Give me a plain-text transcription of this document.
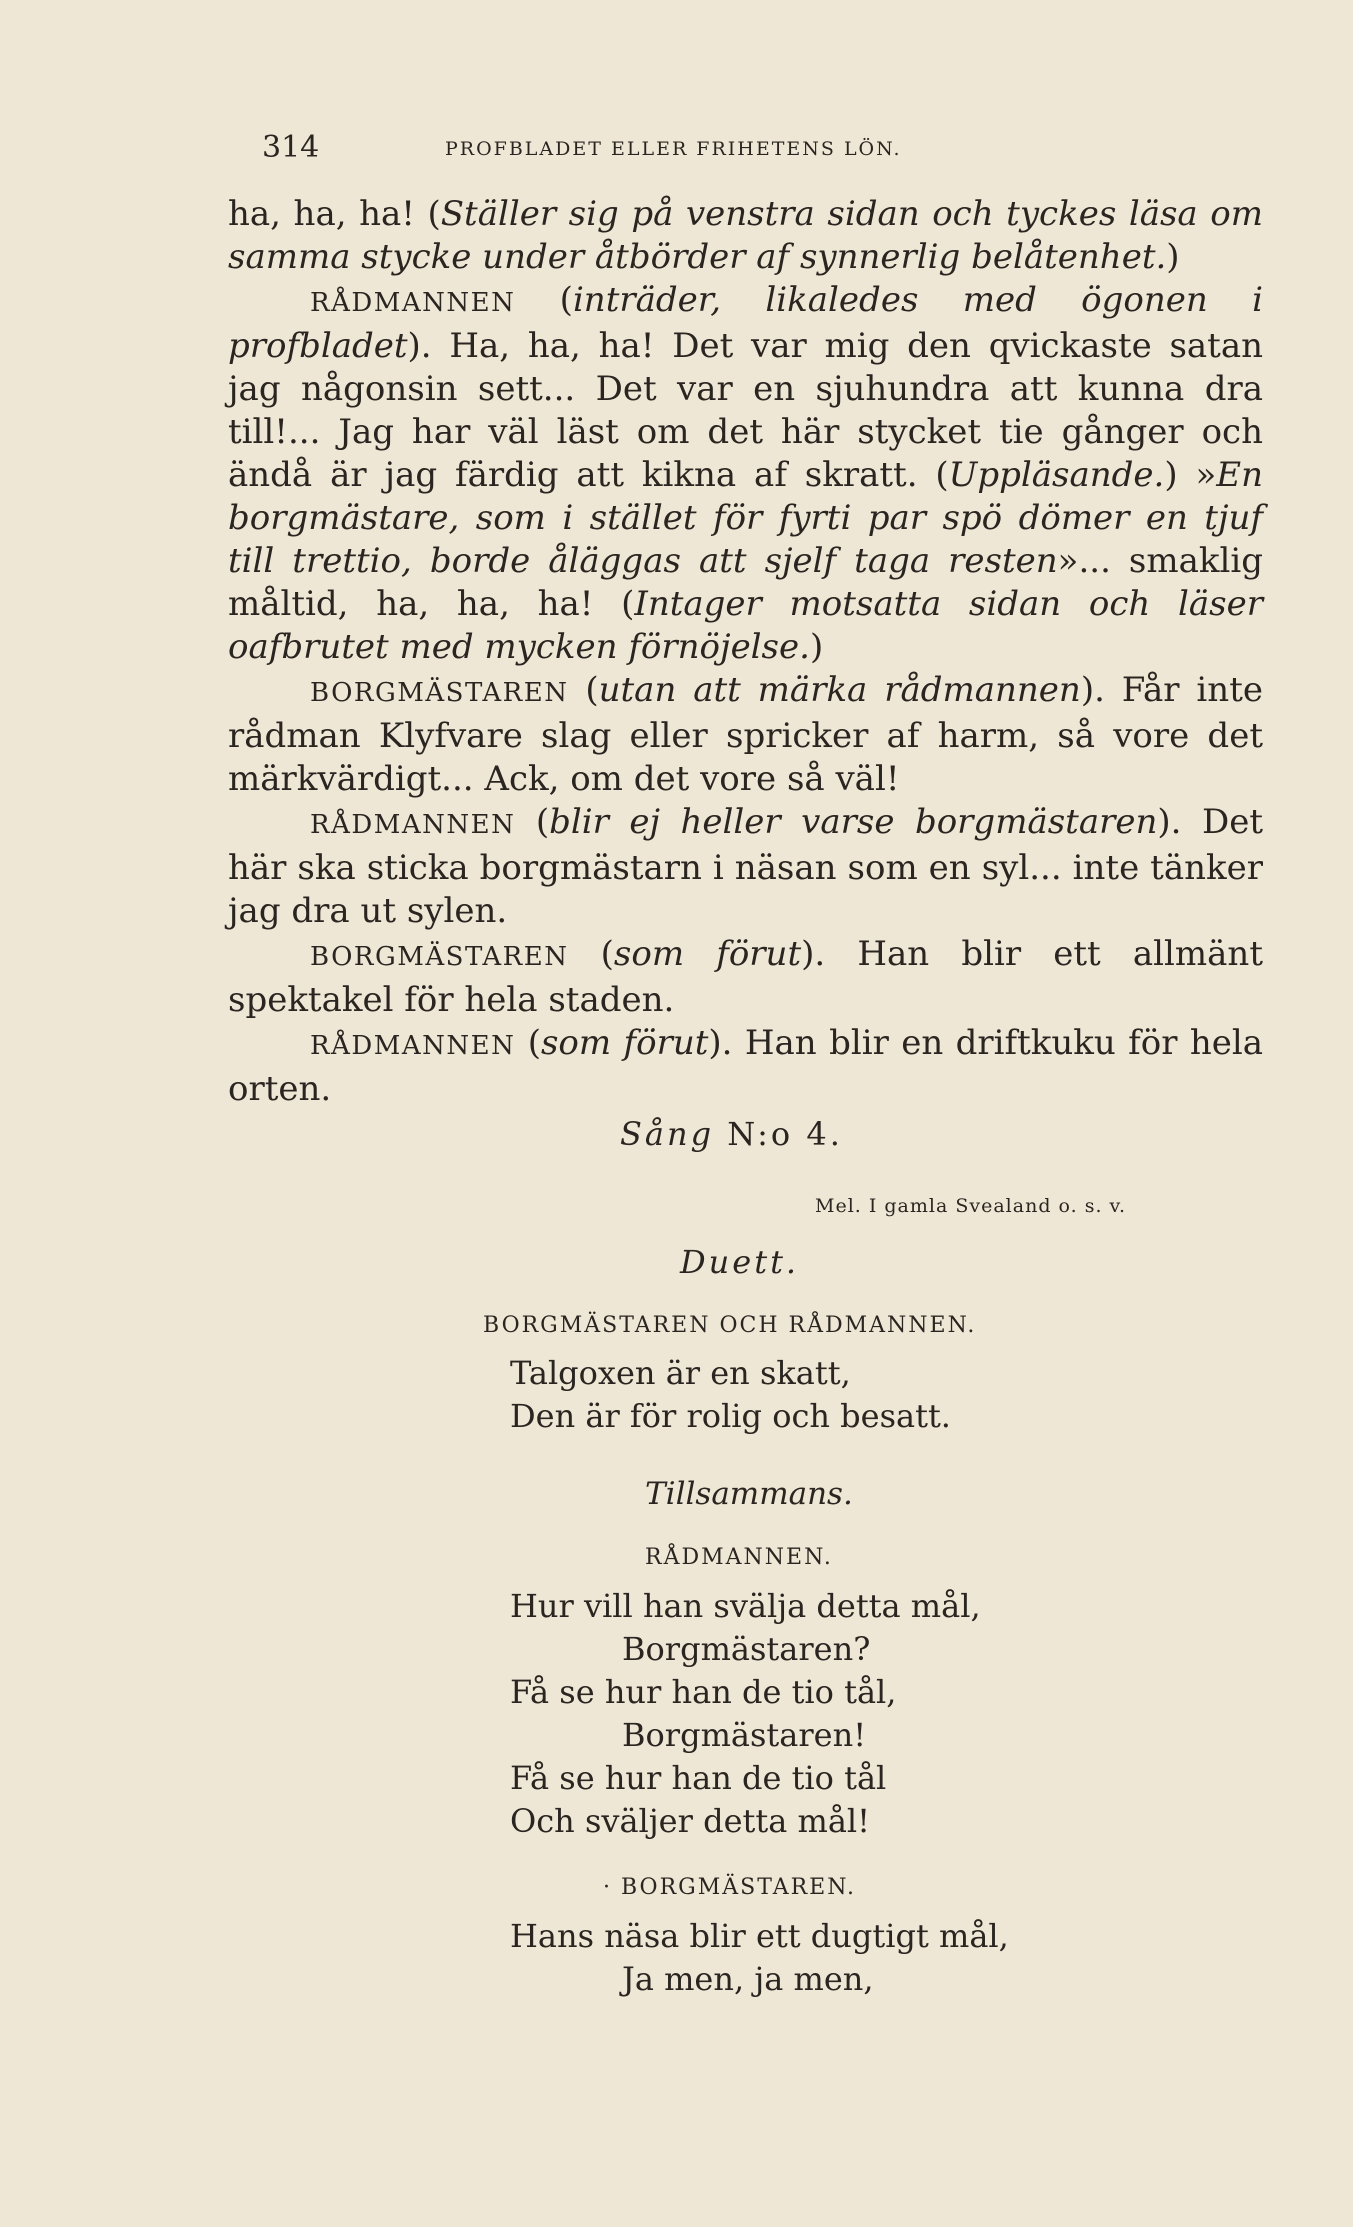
314	PROFBLADET ELLER FRIHETENS LÖN.

ha, ha, ha! (Ställer sig på venstra sidan och tyckes läsa om samma stycke under åtbörder af synnerlig belåtenhet.)

RÅDMANNEN (inträder, likaledes med ögonen i profbladet). Ha, ha, ha! Det var mig den qvickaste satan jag någonsin sett... Det var en sjuhundra att kunna dra till!... Jag har väl läst om det här stycket tie gånger och ändå är jag färdig att kikna af skratt. (Uppläsande.) »En borgmästare, som i stället för fyrti par spö dömer en tjuf till trettio, borde åläggas att sjelf taga resten»... smaklig måltid, ha, ha, ha! (Intager motsatta sidan och läser oafbrutet med mycken förnöjelse.)

BORGMÄSTAREN (utan att märka rådmannen). Får inte rådman Klyfvare slag eller spricker af harm, så vore det märkvärdigt... Ack, om det vore så väl!

RÅDMANNEN (blir ej heller varse borgmästaren). Det här ska sticka borgmästarn i näsan som en syl... inte tänker jag dra ut sylen.

BORGMÄSTAREN (som förut). Han blir ett allmänt spektakel för hela staden.

RÅDMANNEN (som förut). Han blir en driftkuku för hela orten.

Sång N:o 4.
Mel. I gamla Svealand o. s. v.
Duett.
BORGMÄSTAREN OCH RÅDMANNEN.
Talgoxen är en skatt,
Den är för rolig och besatt.
Tillsammans.
RÅDMANNEN.
Hur vill han svälja detta mål,
Borgmästaren?
Få se hur han de tio tål,
Borgmästaren!
Få se hur han de tio tål
Och sväljer detta mål!
· BORGMÄSTAREN.
Hans näsa blir ett dugtigt mål,
Ja men, ja men,
